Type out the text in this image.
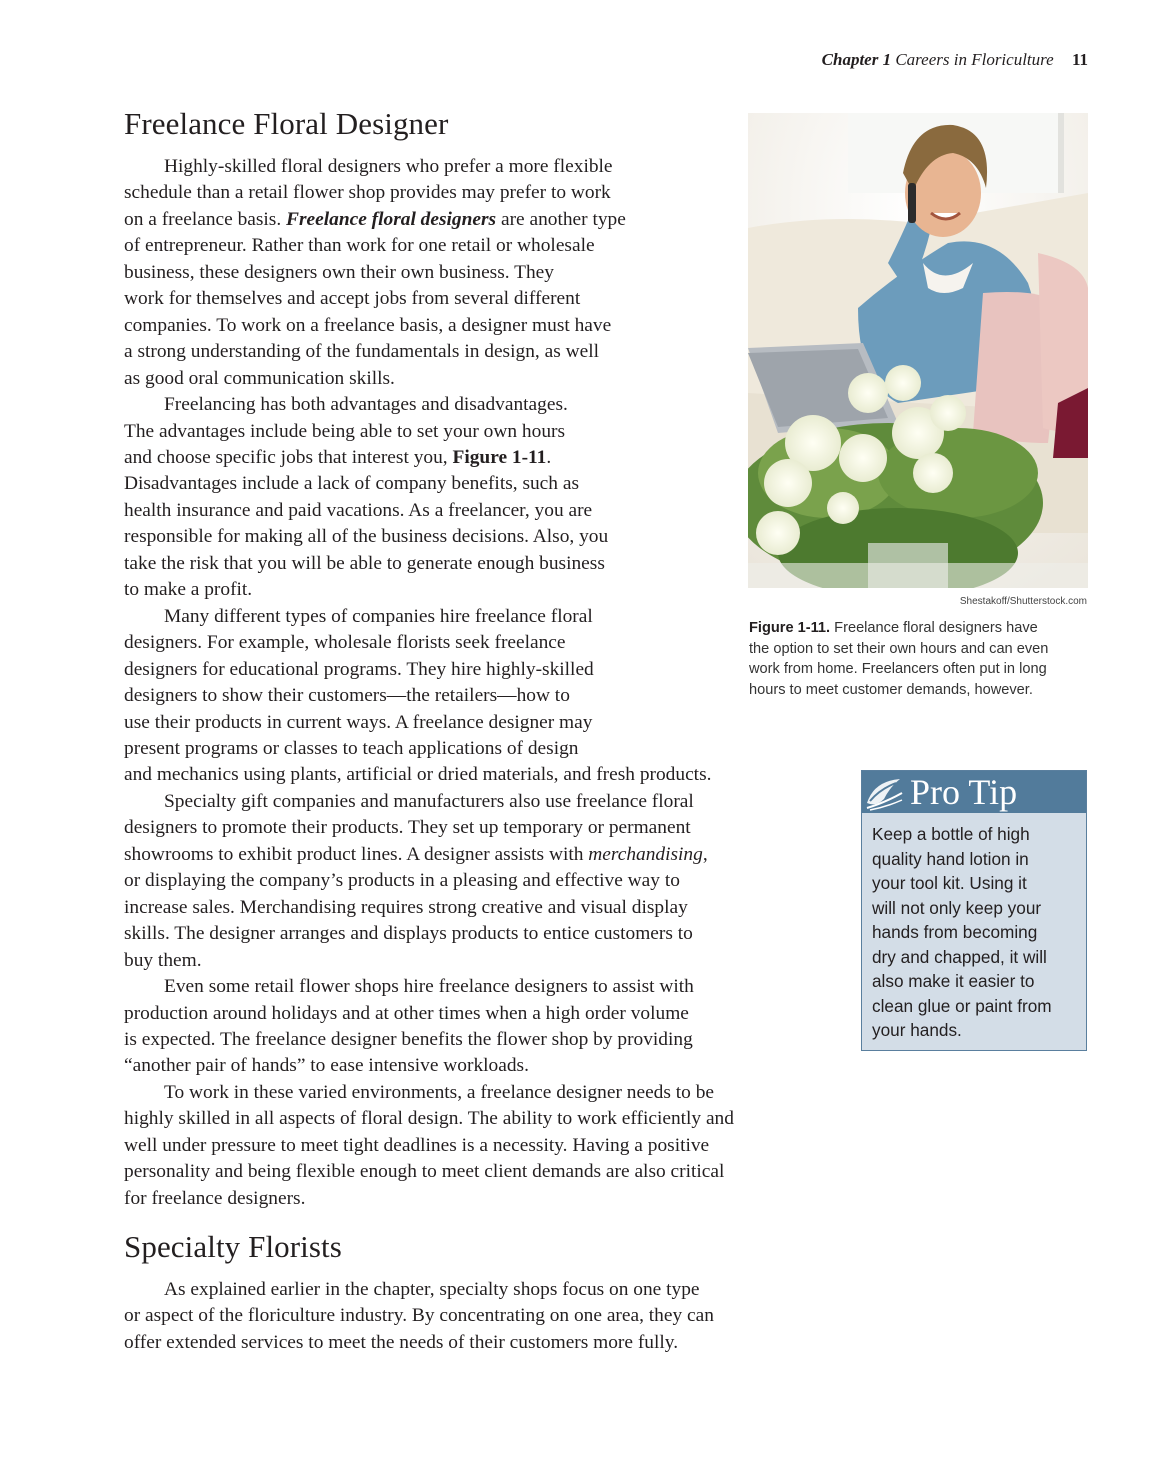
Chapter 1 Careers in Floriculture 11
Freelance Floral Designer
Highly-skilled floral designers who prefer a more flexible
schedule than a retail flower shop provides may prefer to work
on a freelance basis. Freelance floral designers are another type
of entrepreneur. Rather than work for one retail or wholesale
business, these designers own their own business. They
work for themselves and accept jobs from several different
companies. To work on a freelance basis, a designer must have
a strong understanding of the fundamentals in design, as well
as good oral communication skills.
Freelancing has both advantages and disadvantages.
The advantages include being able to set your own hours
and choose specific jobs that interest you, Figure 1-11.
Disadvantages include a lack of company benefits, such as
health insurance and paid vacations. As a freelancer, you are
responsible for making all of the business decisions. Also, you
take the risk that you will be able to generate enough business
to make a profit.
Many different types of companies hire freelance floral
designers. For example, wholesale florists seek freelance
designers for educational programs. They hire highly-skilled
designers to show their customers—the retailers—how to
use their products in current ways. A freelance designer may
present programs or classes to teach applications of design
and mechanics using plants, artificial or dried materials, and fresh products.
Specialty gift companies and manufacturers also use freelance floral
designers to promote their products. They set up temporary or permanent
showrooms to exhibit product lines. A designer assists with merchandising,
or displaying the company’s products in a pleasing and effective way to
increase sales. Merchandising requires strong creative and visual display
skills. The designer arranges and displays products to entice customers to
buy them.
Even some retail flower shops hire freelance designers to assist with
production around holidays and at other times when a high order volume
is expected. The freelance designer benefits the flower shop by providing
“another pair of hands” to ease intensive workloads.
To work in these varied environments, a freelance designer needs to be
highly skilled in all aspects of floral design. The ability to work efficiently and
well under pressure to meet tight deadlines is a necessity. Having a positive
personality and being flexible enough to meet client demands are also critical
for freelance designers.
Specialty Florists
As explained earlier in the chapter, specialty shops focus on one type
or aspect of the floriculture industry. By concentrating on one area, they can
offer extended services to meet the needs of their customers more fully.
Shestakoff/Shutterstock.com
Figure 1-11. Freelance floral designers have
the option to set their own hours and can even
work from home. Freelancers often put in long
hours to meet customer demands, however.
Pro Tip
Keep a bottle of high
quality hand lotion in
your tool kit. Using it
will not only keep your
hands from becoming
dry and chapped, it will
also make it easier to
clean glue or paint from
your hands.
